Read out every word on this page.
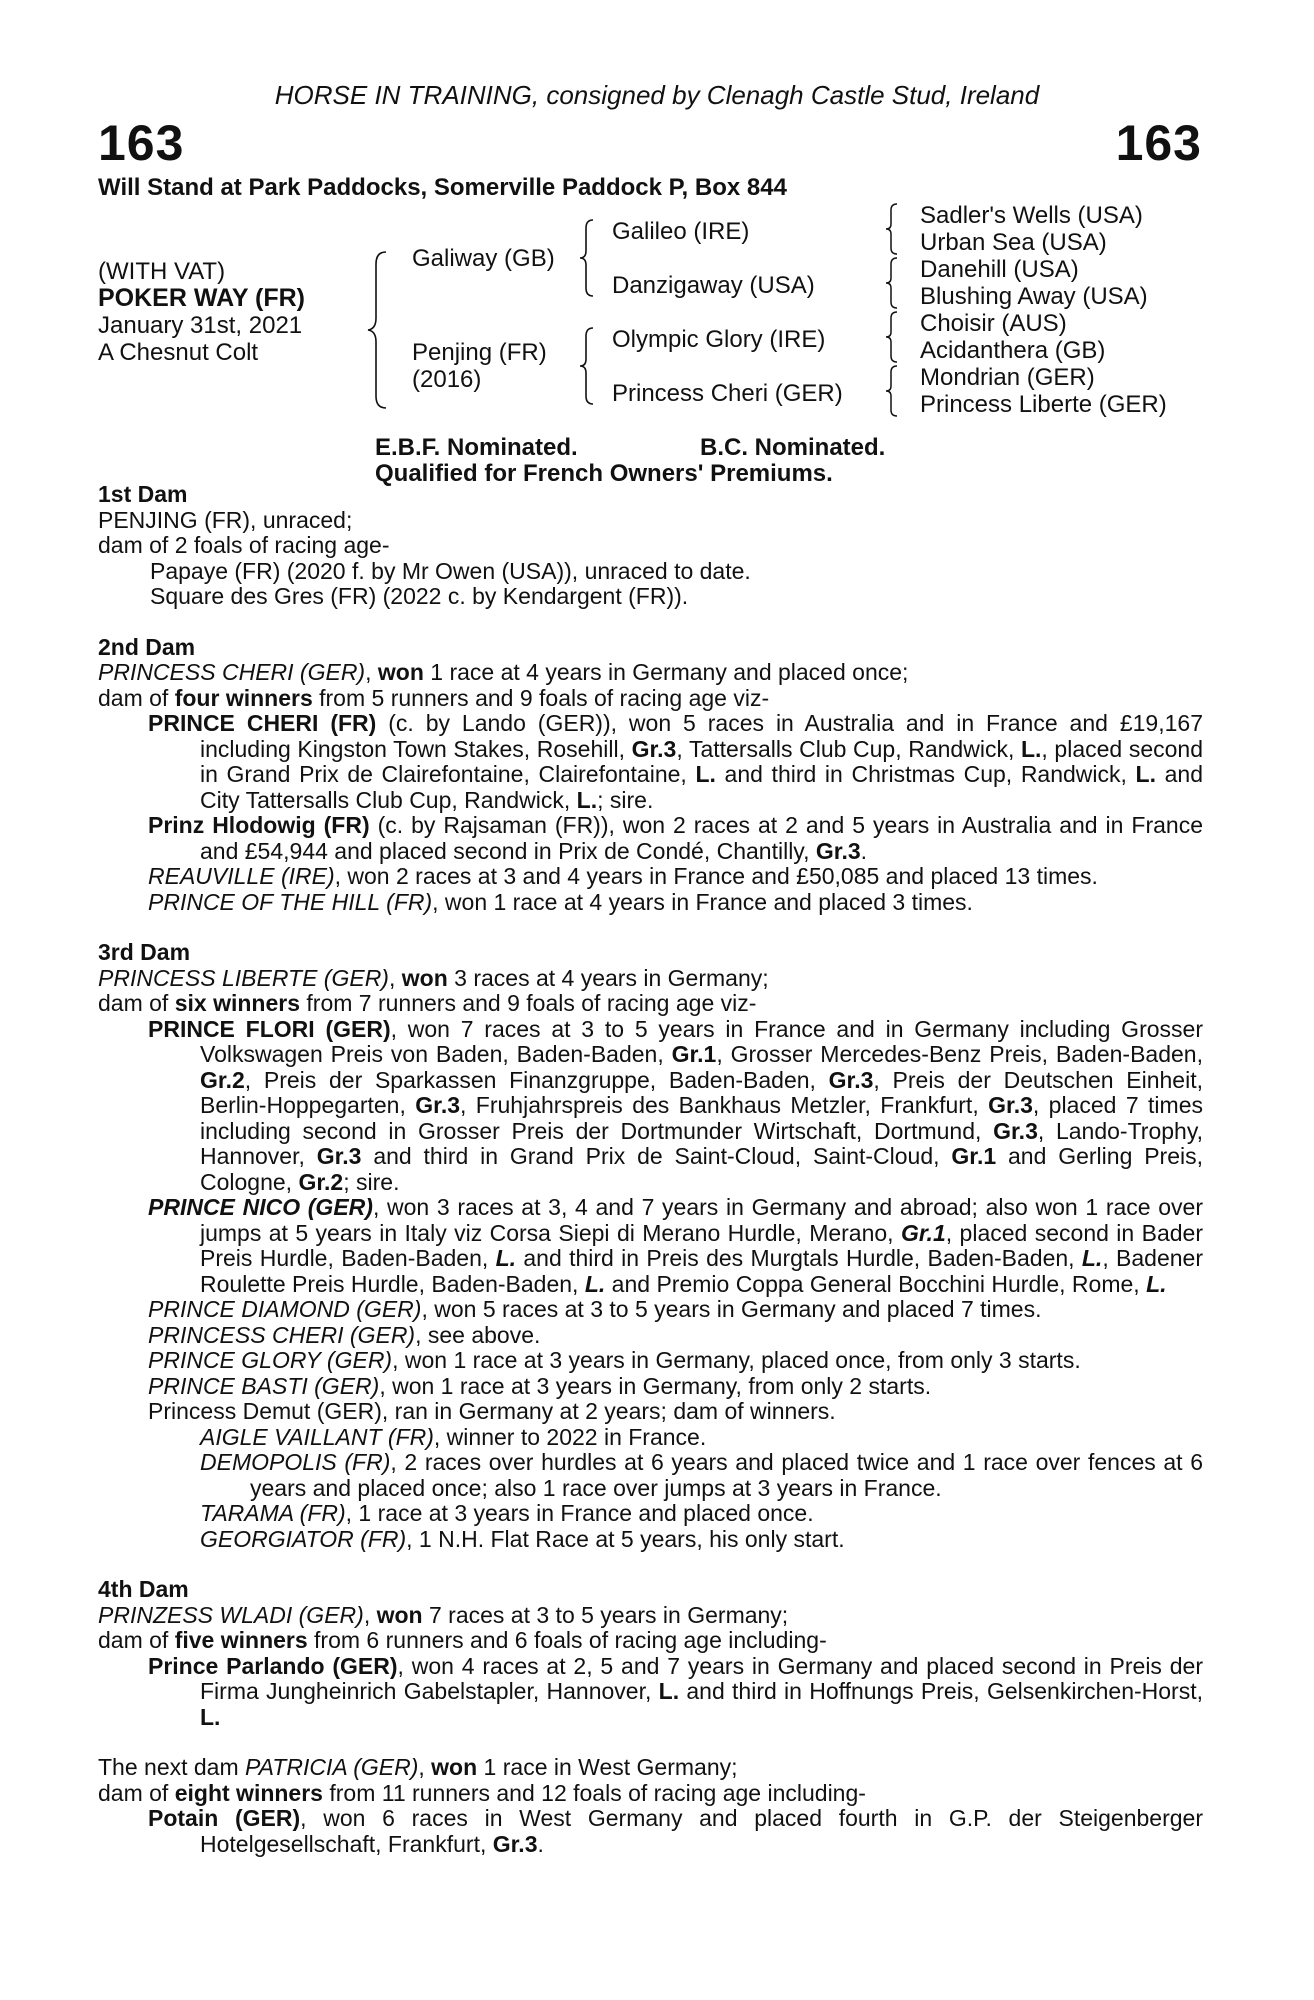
HORSE IN TRAINING, consigned by Clenagh Castle Stud, Ireland
163	163
Will Stand at Park Paddocks, Somerville Paddock P, Box 844
(WITH VAT)
POKER WAY (FR)
January 31st, 2021
A Chesnut Colt
Galiway (GB)
Penjing (FR)
(2016)
Galileo (IRE)
Danzigaway (USA)
Olympic Glory (IRE)
Princess Cheri (GER)
Sadler's Wells (USA)
Urban Sea (USA)
Danehill (USA)
Blushing Away (USA)
Choisir (AUS)
Acidanthera (GB)
Mondrian (GER)
Princess Liberte (GER)
E.B.F. Nominated.	B.C. Nominated.
Qualified for French Owners' Premiums.

1st Dam

PENJING (FR), unraced;

dam of 2 foals of racing age-

Papaye (FR) (2020 f. by Mr Owen (USA)), unraced to date.

Square des Gres (FR) (2022 c. by Kendargent (FR)).

2nd Dam

PRINCESS CHERI (GER), won 1 race at 4 years in Germany and placed once;

dam of four winners from 5 runners and 9 foals of racing age viz-

PRINCE CHERI (FR) (c. by Lando (GER)), won 5 races in Australia and in France and £19,167 including Kingston Town Stakes, Rosehill, Gr.3, Tattersalls Club Cup, Randwick, L., placed second in Grand Prix de Clairefontaine, Clairefontaine, L. and third in Christmas Cup, Randwick, L. and City Tattersalls Club Cup, Randwick, L.; sire.

Prinz Hlodowig (FR) (c. by Rajsaman (FR)), won 2 races at 2 and 5 years in Australia and in France and £54,944 and placed second in Prix de Condé, Chantilly, Gr.3.

REAUVILLE (IRE), won 2 races at 3 and 4 years in France and £50,085 and placed 13 times.

PRINCE OF THE HILL (FR), won 1 race at 4 years in France and placed 3 times.

3rd Dam

PRINCESS LIBERTE (GER), won 3 races at 4 years in Germany;

dam of six winners from 7 runners and 9 foals of racing age viz-

PRINCE FLORI (GER), won 7 races at 3 to 5 years in France and in Germany including Grosser Volkswagen Preis von Baden, Baden-Baden, Gr.1, Grosser Mercedes-Benz Preis, Baden-Baden, Gr.2, Preis der Sparkassen Finanzgruppe, Baden-Baden, Gr.3, Preis der Deutschen Einheit, Berlin-Hoppegarten, Gr.3, Fruhjahrspreis des Bankhaus Metzler, Frankfurt, Gr.3, placed 7 times including second in Grosser Preis der Dortmunder Wirtschaft, Dortmund, Gr.3, Lando-Trophy, Hannover, Gr.3 and third in Grand Prix de Saint-Cloud, Saint-Cloud, Gr.1 and Gerling Preis, Cologne, Gr.2; sire.

PRINCE NICO (GER), won 3 races at 3, 4 and 7 years in Germany and abroad; also won 1 race over jumps at 5 years in Italy viz Corsa Siepi di Merano Hurdle, Merano, Gr.1, placed second in Bader Preis Hurdle, Baden-Baden, L. and third in Preis des Murgtals Hurdle, Baden-Baden, L., Badener Roulette Preis Hurdle, Baden-Baden, L. and Premio Coppa General Bocchini Hurdle, Rome, L.

PRINCE DIAMOND (GER), won 5 races at 3 to 5 years in Germany and placed 7 times.

PRINCESS CHERI (GER), see above.

PRINCE GLORY (GER), won 1 race at 3 years in Germany, placed once, from only 3 starts.

PRINCE BASTI (GER), won 1 race at 3 years in Germany, from only 2 starts.

Princess Demut (GER), ran in Germany at 2 years; dam of winners.

AIGLE VAILLANT (FR), winner to 2022 in France.

DEMOPOLIS (FR), 2 races over hurdles at 6 years and placed twice and 1 race over fences at 6 years and placed once; also 1 race over jumps at 3 years in France.

TARAMA (FR), 1 race at 3 years in France and placed once.

GEORGIATOR (FR), 1 N.H. Flat Race at 5 years, his only start.

4th Dam

PRINZESS WLADI (GER), won 7 races at 3 to 5 years in Germany;

dam of five winners from 6 runners and 6 foals of racing age including-

Prince Parlando (GER), won 4 races at 2, 5 and 7 years in Germany and placed second in Preis der Firma Jungheinrich Gabelstapler, Hannover, L. and third in Hoffnungs Preis, Gelsenkirchen-Horst, L.

The next dam PATRICIA (GER), won 1 race in West Germany;

dam of eight winners from 11 runners and 12 foals of racing age including-

Potain (GER), won 6 races in West Germany and placed fourth in G.P. der Steigenberger Hotelgesellschaft, Frankfurt, Gr.3.
